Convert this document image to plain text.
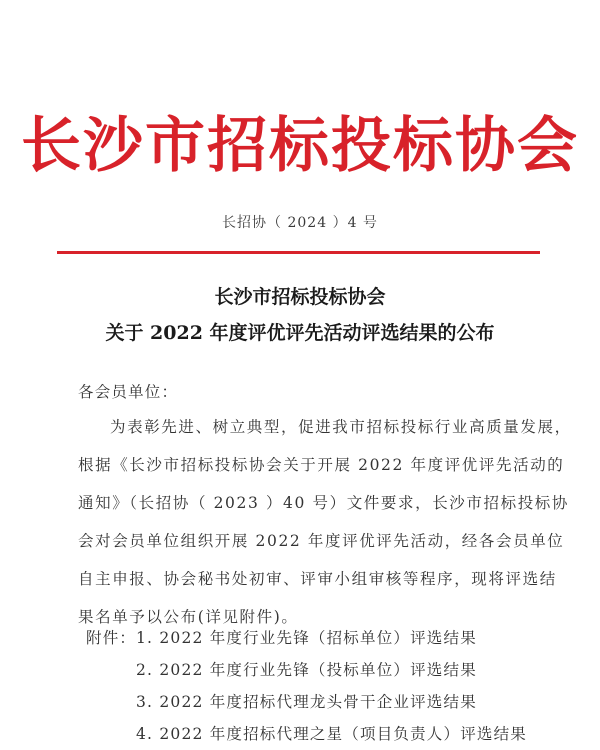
长沙市招标投标协会
长招协（ 2024 ）4 号
长沙市招标投标协会
关于 2022 年度评优评先活动评选结果的公布
各会员单位：
为表彰先进、树立典型，促进我市招标投标行业高质量发展，
根据《长沙市招标投标协会关于开展 2022 年度评优评先活动的
通知》（长招协（ 2023 ）40 号）文件要求，长沙市招标投标协
会对会员单位组织开展 2022 年度评优评先活动，经各会员单位
自主申报、协会秘书处初审、评审小组审核等程序，现将评选结
果名单予以公布(详见附件)。
附件：1. 2022 年度行业先锋（招标单位）评选结果
2. 2022 年度行业先锋（投标单位）评选结果
3. 2022 年度招标代理龙头骨干企业评选结果
4. 2022 年度招标代理之星（项目负责人）评选结果
